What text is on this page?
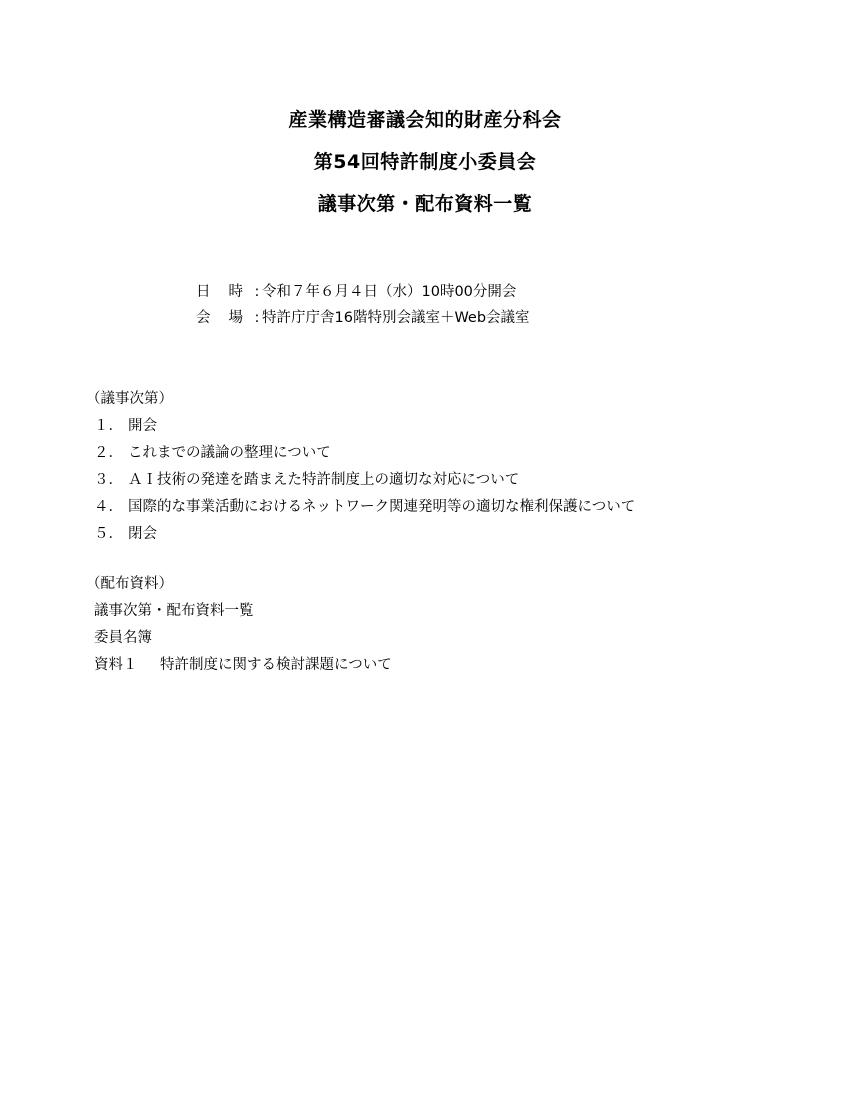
産業構造審議会知的財産分科会
第54回特許制度小委員会
議事次第・配布資料一覧
日 時 : 令和７年６月４日（水）10時00分開会
会 場 : 特許庁庁舎16階特別会議室＋Web会議室
（議事次第）
１． 開会
２． これまでの議論の整理について
３． ＡＩ技術の発達を踏まえた特許制度上の適切な対応について
４． 国際的な事業活動におけるネットワーク関連発明等の適切な権利保護について
５． 閉会
（配布資料）
議事次第・配布資料一覧
委員名簿
資料１ 特許制度に関する検討課題について
